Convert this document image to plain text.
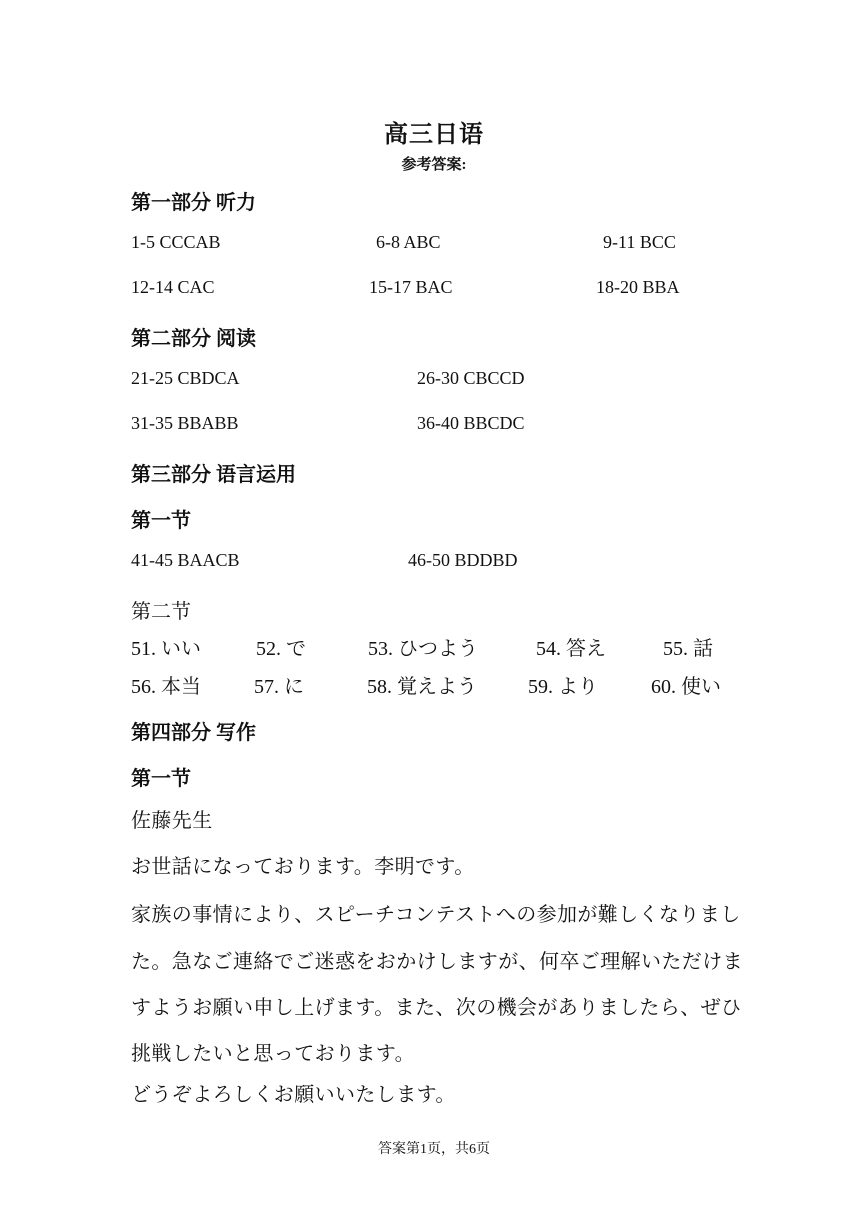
高三日语
参考答案:
第一部分 听力
1-5 CCCAB	6-8 ABC	9-11 BCC
12-14 CAC	15-17 BAC	18-20 BBA
第二部分 阅读
21-25 CBDCA	26-30 CBCCD
31-35 BBABB	36-40 BBCDC
第三部分 语言运用
第一节
41-45 BAACB	46-50 BDDBD
第二节
51. いい	52. で	53. ひつよう	54. 答え	55. 話
56. 本当	57. に	58. 覚えよう	59. より	60. 使い
第四部分 写作
第一节
佐藤先生
お世話になっております。李明です。
家族の事情により、スピーチコンテストへの参加が難しくなりまし
た。急なご連絡でご迷惑をおかけしますが、何卒ご理解いただけま
すようお願い申し上げます。また、次の機会がありましたら、ぜひ
挑戦したいと思っております。
どうぞよろしくお願いいたします。
答案第1页，共6页
